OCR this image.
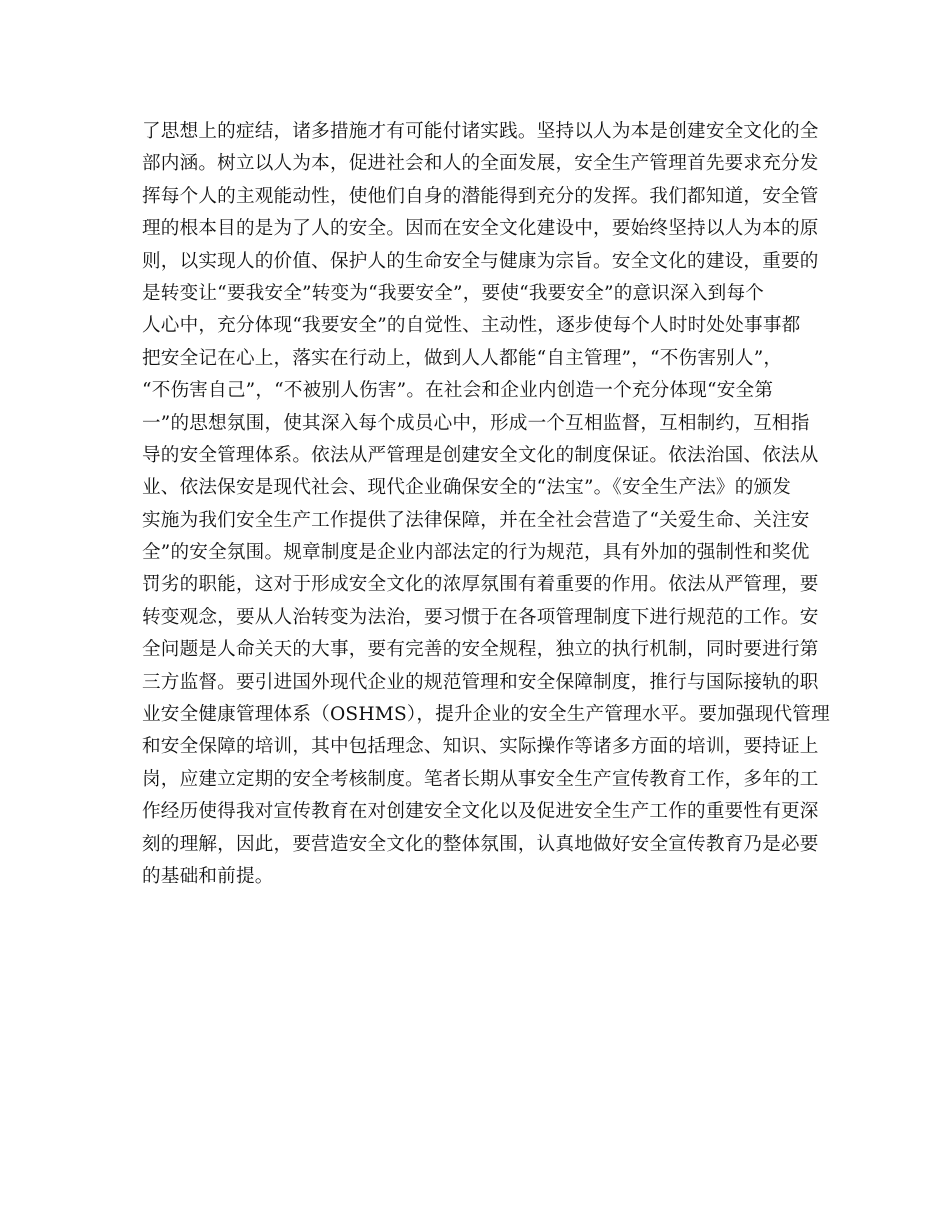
了思想上的症结，诸多措施才有可能付诸实践。坚持以人为本是创建安全文化的全
部内涵。树立以人为本，促进社会和人的全面发展，安全生产管理首先要求充分发
挥每个人的主观能动性，使他们自身的潜能得到充分的发挥。我们都知道，安全管
理的根本目的是为了人的安全。因而在安全文化建设中，要始终坚持以人为本的原
则，以实现人的价值、保护人的生命安全与健康为宗旨。安全文化的建设，重要的
是转变让“要我安全”转变为“我要安全”，要使“我要安全”的意识深入到每个
人心中，充分体现“我要安全”的自觉性、主动性，逐步使每个人时时处处事事都
把安全记在心上，落实在行动上，做到人人都能“自主管理”，“不伤害别人”，
“不伤害自己”，“不被别人伤害”。在社会和企业内创造一个充分体现“安全第
一”的思想氛围，使其深入每个成员心中，形成一个互相监督，互相制约，互相指
导的安全管理体系。依法从严管理是创建安全文化的制度保证。依法治国、依法从
业、依法保安是现代社会、现代企业确保安全的“法宝”。《安全生产法》的颁发
实施为我们安全生产工作提供了法律保障，并在全社会营造了“关爱生命、关注安
全”的安全氛围。规章制度是企业内部法定的行为规范，具有外加的强制性和奖优
罚劣的职能，这对于形成安全文化的浓厚氛围有着重要的作用。依法从严管理，要
转变观念，要从人治转变为法治，要习惯于在各项管理制度下进行规范的工作。安
全问题是人命关天的大事，要有完善的安全规程，独立的执行机制，同时要进行第
三方监督。要引进国外现代企业的规范管理和安全保障制度，推行与国际接轨的职
业安全健康管理体系（OSHMS），提升企业的安全生产管理水平。要加强现代管理
和安全保障的培训，其中包括理念、知识、实际操作等诸多方面的培训，要持证上
岗，应建立定期的安全考核制度。笔者长期从事安全生产宣传教育工作，多年的工
作经历使得我对宣传教育在对创建安全文化以及促进安全生产工作的重要性有更深
刻的理解，因此，要营造安全文化的整体氛围，认真地做好安全宣传教育乃是必要
的基础和前提。
